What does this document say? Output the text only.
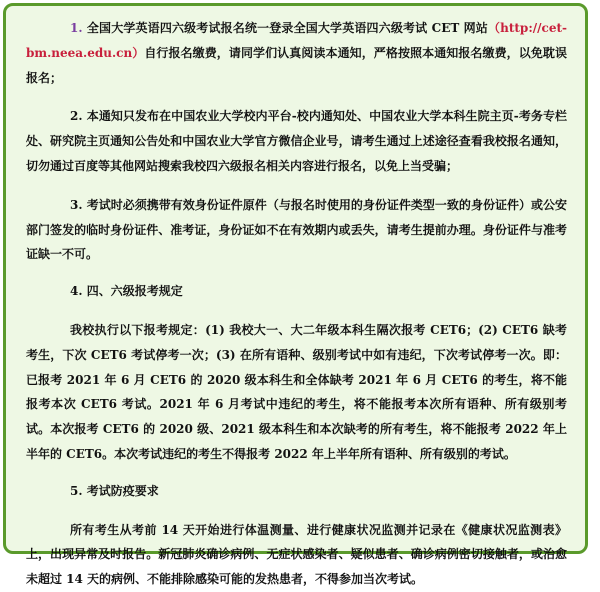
1. 全国大学英语四六级考试报名统一登录全国大学英语四六级考试 CET 网站（http://cet-bm.neea.edu.cn）自行报名缴费，请同学们认真阅读本通知，严格按照本通知报名缴费，以免耽误报名；

2. 本通知只发布在中国农业大学校内平台-校内通知处、中国农业大学本科生院主页-考务专栏处、研究院主页通知公告处和中国农业大学官方微信企业号，请考生通过上述途径查看我校报名通知，切勿通过百度等其他网站搜索我校四六级报名相关内容进行报名，以免上当受骗；

3. 考试时必须携带有效身份证件原件（与报名时使用的身份证件类型一致的身份证件）或公安部门签发的临时身份证件、准考证，身份证如不在有效期内或丢失，请考生提前办理。身份证件与准考证缺一不可。

4. 四、六级报考规定

我校执行以下报考规定：(1) 我校大一、大二年级本科生隔次报考 CET6；(2) CET6 缺考考生，下次 CET6 考试停考一次；(3) 在所有语种、级别考试中如有违纪，下次考试停考一次。即：已报考 2021 年 6 月 CET6 的 2020 级本科生和全体缺考 2021 年 6 月 CET6 的考生，将不能报考本次 CET6 考试。2021 年 6 月考试中违纪的考生，将不能报考本次所有语种、所有级别考试。本次报考 CET6 的 2020 级、2021 级本科生和本次缺考的所有考生，将不能报考 2022 年上半年的 CET6。本次考试违纪的考生不得报考 2022 年上半年所有语种、所有级别的考试。

5. 考试防疫要求

所有考生从考前 14 天开始进行体温测量、进行健康状况监测并记录在《健康状况监测表》上，出现异常及时报告。新冠肺炎确诊病例、无症状感染者、疑似患者、确诊病例密切接触者，或治愈未超过 14 天的病例、不能排除感染可能的发热患者，不得参加当次考试。
